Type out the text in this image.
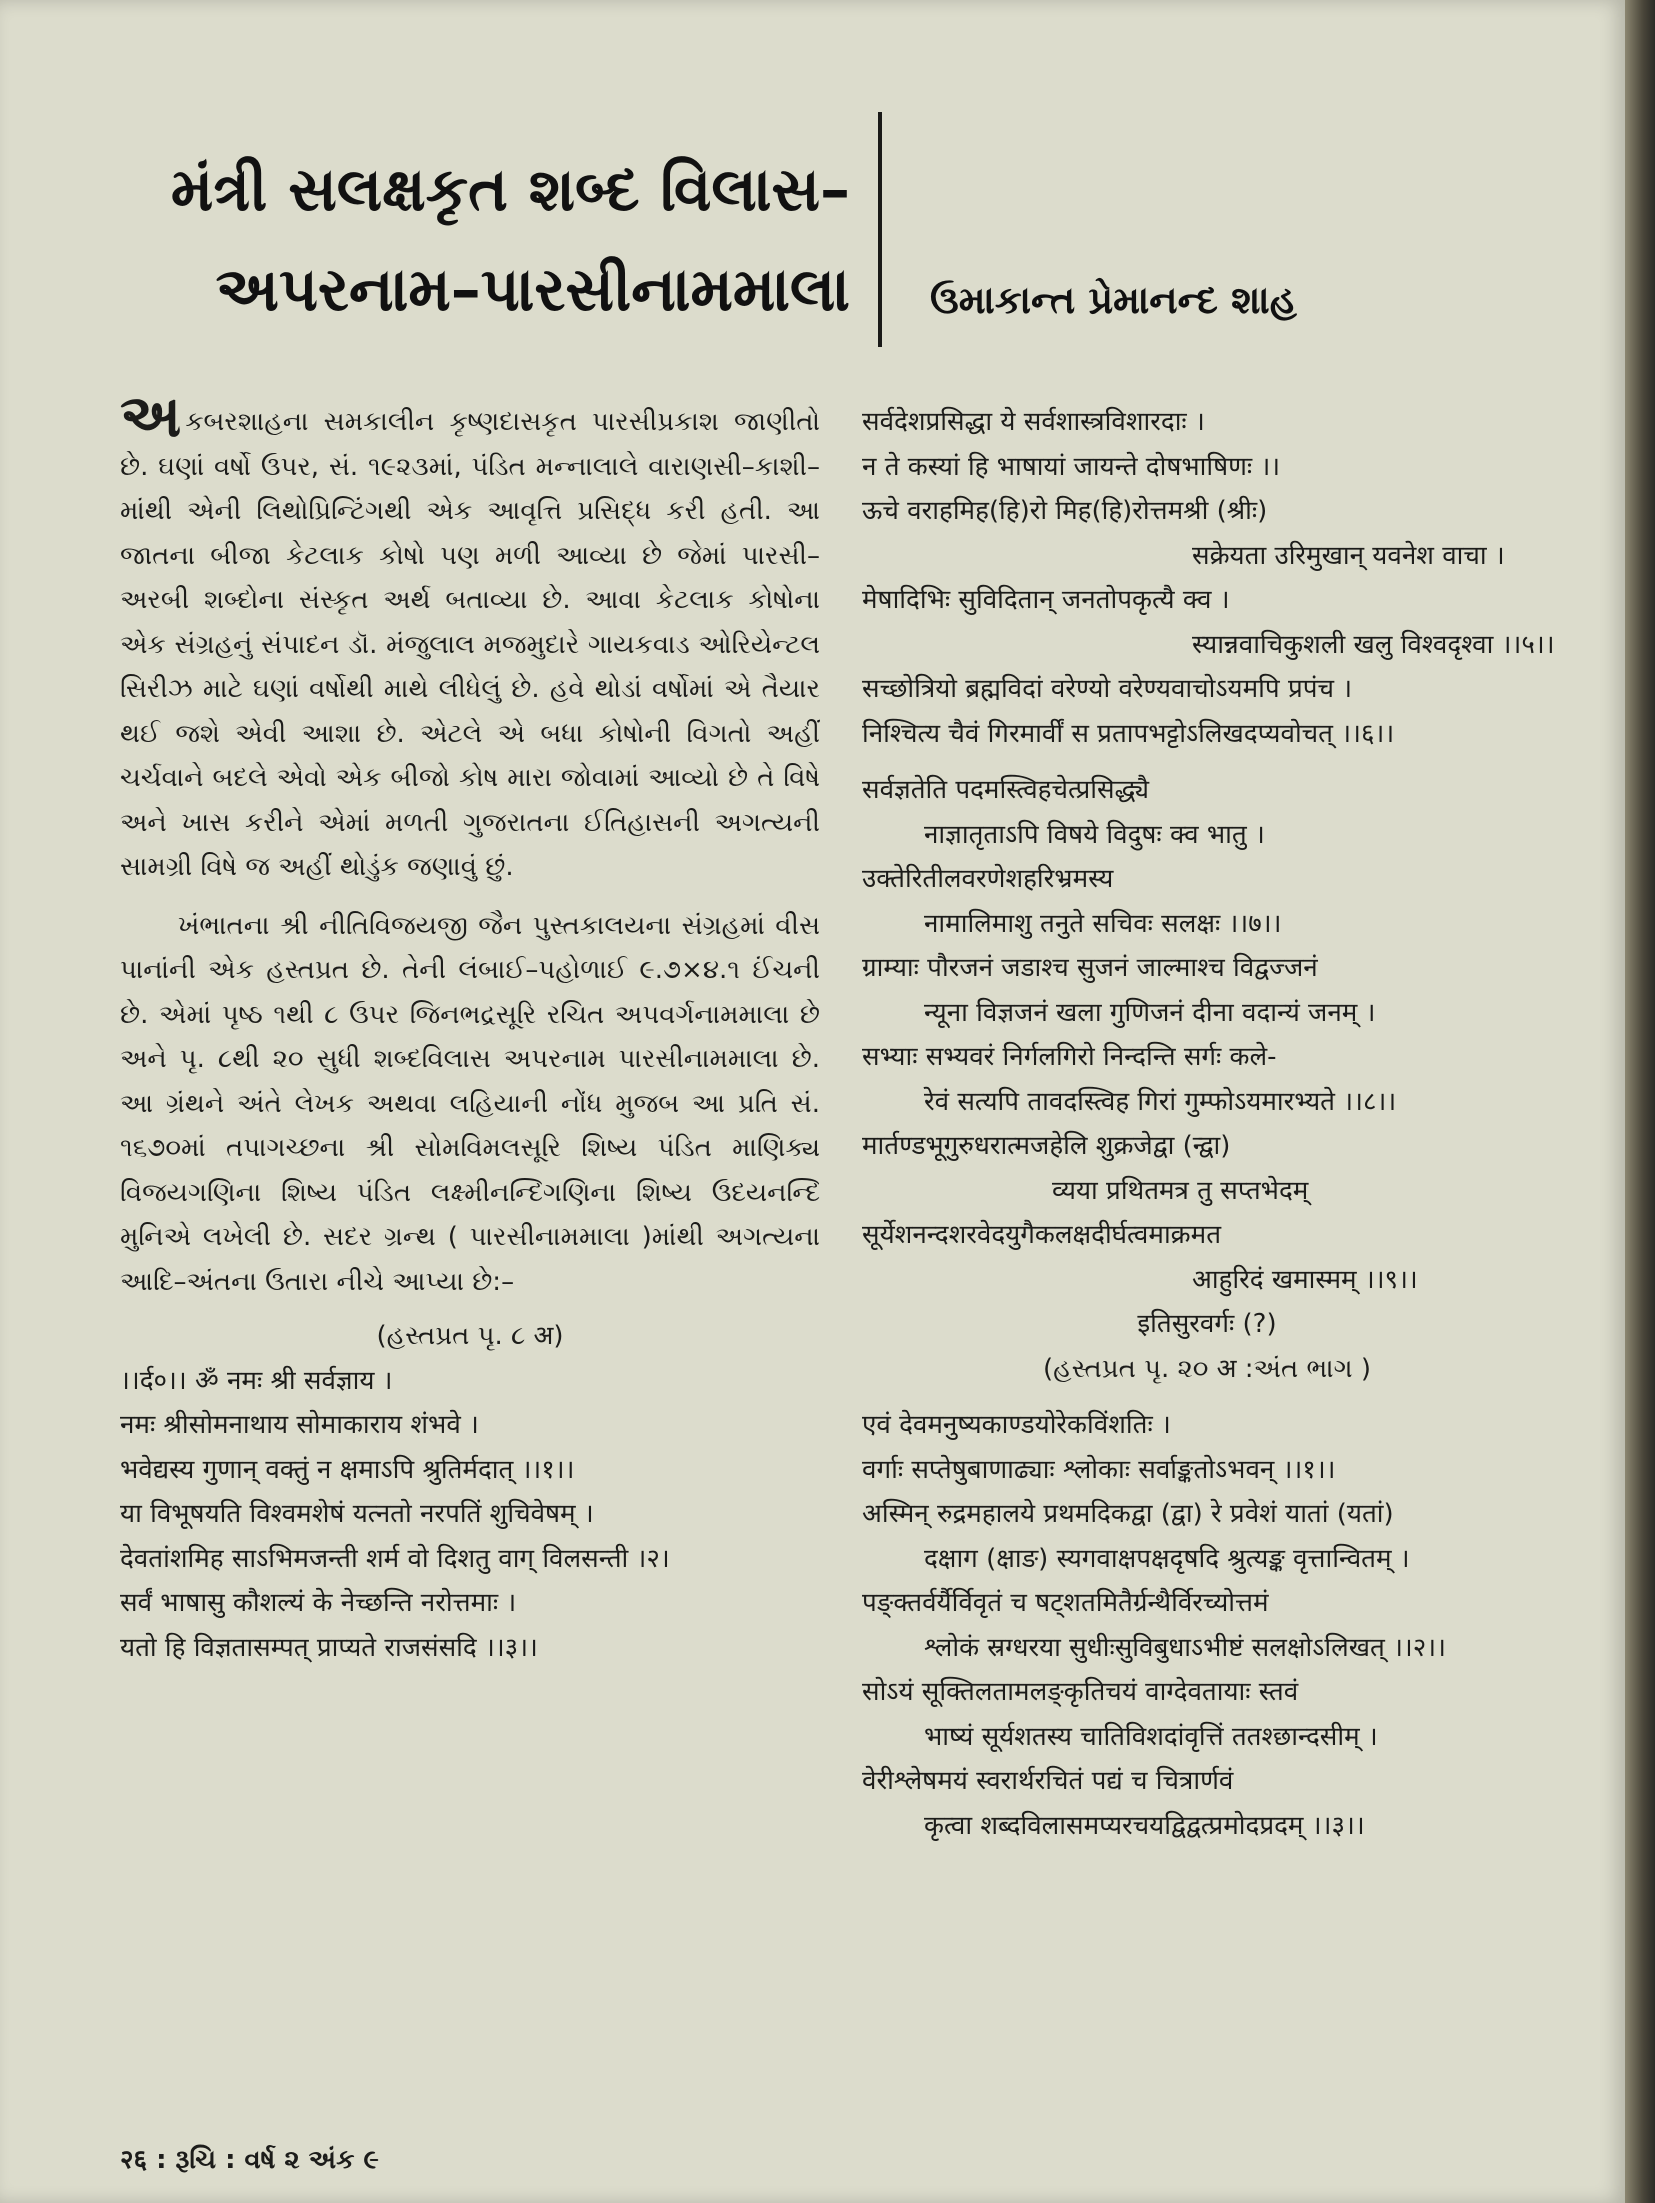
મંત્રી સલક્ષકૃત શબ્દ વિલાસ–
અપરનામ–પારસીનામમાલા ઉમાકાન્ત પ્રેમાનન્દ શાહ

અકબરશાહના સમકાલીન કૃષ્ણદાસકૃત પારસીપ્રકાશ જાણીતો છે. ઘણાં વર્ષો ઉપર, સં. ૧૯૨૩માં, પંડિત મન્નાલાલે વારાણસી–કાશી–માંથી એની લિથોપ્રિન્ટિંગથી એક આવૃત્તિ પ્રસિદ્ધ કરી હતી. આ જાતના બીજા કેટલાક કોષો પણ મળી આવ્યા છે જેમાં પારસી–અરબી શબ્દોના સંસ્કૃત અર્થ બતાવ્યા છે. આવા કેટલાક કોષોના એક સંગ્રહનું સંપાદન ડૉ. મંજુલાલ મજમુદારે ગાયકવાડ ઓરિયેન્ટલ સિરીઝ માટે ઘણાં વર્ષોથી માથે લીધેલું છે. હવે થોડાં વર્ષોમાં એ તૈયાર થઈ જશે એવી આશા છે. એટલે એ બધા કોષોની વિગતો અહીં ચર્ચવાને બદલે એવો એક બીજો કોષ મારા જોવામાં આવ્યો છે તે વિષે અને ખાસ કરીને એમાં મળતી ગુજરાતના ઈતિહાસની અગત્યની સામગ્રી વિષે જ અહીં થોડુંક જણાવું છું.

ખંભાતના શ્રી નીતિવિજયજી જૈન પુસ્તકાલયના સંગ્રહમાં વીસ પાનાંની એક હસ્તપ્રત છે. તેની લંબાઈ–પહોળાઈ ૯.૭×૪.૧ ઈંચની છે. એમાં પૃષ્ઠ ૧થી ૮ ઉપર જિનભદ્રસૂરિ રચિત અપવર્ગનામમાલા છે અને પૃ. ૮થી ૨૦ સુધી શબ્દવિલાસ અપરનામ પારસીનામમાલા છે. આ ગ્રંથને અંતે લેખક અથવા લહિયાની નોંધ મુજબ આ પ્રતિ સં. ૧૬૭૦માં તપાગચ્છના શ્રી સોમવિમલસૂરિ શિષ્ય પંડિત માણિક્ય વિજયગણિના શિષ્ય પંડિત લક્ષ્મીનન્દિગણિના શિષ્ય ઉદયનન્દિ મુનિએ લખેલી છે. સદર ગ્રન્થ ( પારસીનામમાલા )માંથી અગત્યના આદિ–અંતના ઉતારા નીચે આપ્યા છે:–

(હસ્તપ્રત પૃ. ૮ अ)
।।र्द०।। ॐ नमः श्री सर्वज्ञाय ।
नमः श्रीसोमनाथाय सोमाकाराय शंभवे ।
भवेद्यस्य गुणान् वक्तुं न क्षमाऽपि श्रुतिर्मदात् ।।१।।
या विभूषयति विश्वमशेषं यत्नतो नरपतिं शुचिवेषम् ।
देवतांशमिह साऽभिमजन्ती शर्म वो दिशतु वाग् विलसन्ती ।२।
सर्वं भाषासु कौशल्यं के नेच्छन्ति नरोत्तमाः ।
यतो हि विज्ञतासम्पत् प्राप्यते राजसंसदि ।।३।।
सर्वदेशप्रसिद्धा ये सर्वशास्त्रविशारदाः ।
न ते कस्यां हि भाषायां जायन्ते दोषभाषिणः ।।
ऊचे वराहमिह(हि)रो मिह(हि)रोत्तमश्री (श्रीः)
सक्रेयता उरिमुखान् यवनेश वाचा ।
मेषादिभिः सुविदितान् जनतोपकृत्यै क्व ।
स्यान्नवाचिकुशली खलु विश्वदृश्वा ।।५।।
सच्छोत्रियो ब्रह्मविदां वरेण्यो वरेण्यवाचोऽयमपि प्रपंच ।
निश्चित्य चैवं गिरमार्वीं स प्रतापभट्टोऽलिखदप्यवोचत् ।।६।।
सर्वज्ञतेति पदमस्त्विहचेत्प्रसिद्ध्यै
नाज्ञातृताऽपि विषये विदुषः क्व भातु ।
उक्तेरितीलवरणेशहरिभ्रमस्य
नामालिमाशु तनुते सचिवः सलक्षः ।।७।।
ग्राम्याः पौरजनं जडाश्च सुजनं जाल्माश्च विद्वज्जनं
न्यूना विज्ञजनं खला गुणिजनं दीना वदान्यं जनम् ।
सभ्याः सभ्यवरं निर्गलगिरो निन्दन्ति सर्गः कले-
रेवं सत्यपि तावदस्त्विह गिरां गुम्फोऽयमारभ्यते ।।८।।
मार्तण्डभूगुरुधरात्मजहेलि शुक्रजेद्वा (न्द्वा)
व्यया प्रथितमत्र तु सप्तभेदम्
सूर्येशनन्दशरवेदयुगैकलक्षदीर्घत्वमाक्रमत
आहुरिदं खमास्मम् ।।९।।
इतिसुरवर्गः (?)
(હસ્તપ્રત પૃ. ૨૦ अ :અંત ભાગ )
एवं देवमनुष्यकाण्डयोरेकविंशतिः ।
वर्गाः सप्तेषुबाणाढ्याः श्लोकाः सर्वाङ्कतोऽभवन् ।।१।।
अस्मिन् रुद्रमहालये प्रथमदिकद्वा (द्वा) रे प्रवेशं यातां (यतां)
दक्षाग (क्षाङ) स्यगवाक्षपक्षदृषदि श्रुत्यङ्क वृत्तान्वितम् ।
पङ्क्तर्वर्यैर्विवृतं च षट्शतमितैर्ग्रन्थैर्विरच्योत्तमं
श्लोकं स्रग्धरया सुधीःसुविबुधाऽभीष्टं सलक्षोऽलिखत् ।।२।।
सोऽयं सूक्तिलतामलङ्कृतिचयं वाग्देवतायाः स्तवं
भाष्यं सूर्यशतस्य चातिविशदांवृत्तिं ततश्छान्दसीम् ।
वेरीश्लेषमयं स्वरार्थरचितं पद्यं च चित्रार्णवं
कृत्वा शब्दविलासमप्यरचयद्विद्वत्प्रमोदप्रदम् ।।३।।
२६ : રૂચિ : વર્ષ ૨ અંક ૯
